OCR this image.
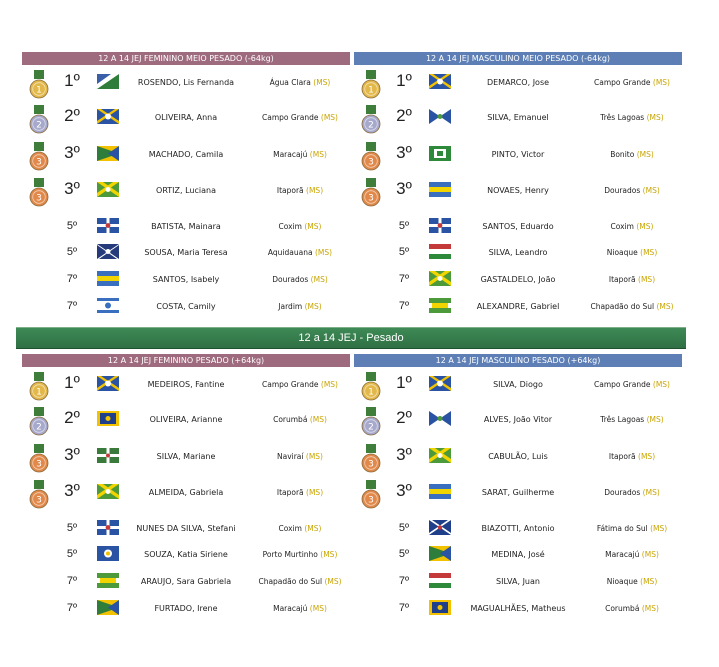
12 A 14 JEJ FEMININO MEIO PESADO (-64kg)
1
1º	ROSENDO, Lis Fernanda	Água Clara (MS)
2
2º	OLIVEIRA, Anna	Campo Grande (MS)
3
3º	MACHADO, Camila	Maracajú (MS)
3
3º	ORTIZ, Luciana	Itaporã (MS)
5º	BATISTA, Mainara	Coxim (MS)
5º	SOUSA, Maria Teresa	Aquidauana (MS)
7º	SANTOS, Isabely	Dourados (MS)
7º	COSTA, Camily	Jardim (MS)
12 A 14 JEJ MASCULINO MEIO PESADO (-64kg)
1
1º	DEMARCO, Jose	Campo Grande (MS)
2
2º	SILVA, Emanuel	Três Lagoas (MS)
3
3º	PINTO, Victor	Bonito (MS)
3
3º	NOVAES, Henry	Dourados (MS)
5º	SANTOS, Eduardo	Coxim (MS)
5º	SILVA, Leandro	Nioaque (MS)
7º	GASTALDELO, João	Itaporã (MS)
7º	ALEXANDRE, Gabriel	Chapadão do Sul (MS)
12 a 14 JEJ - Pesado
12 A 14 JEJ FEMININO PESADO (+64kg)
1
1º	MEDEIROS, Fantine	Campo Grande (MS)
2
2º	OLIVEIRA, Arianne	Corumbá (MS)
3
3º	SILVA, Mariane	Naviraí (MS)
3
3º	ALMEIDA, Gabriela	Itaporã (MS)
5º	NUNES DA SILVA, Stefani	Coxim (MS)
5º	SOUZA, Katia Siriene	Porto Murtinho (MS)
7º	ARAUJO, Sara Gabriela	Chapadão do Sul (MS)
7º	FURTADO, Irene	Maracajú (MS)
12 A 14 JEJ MASCULINO PESADO (+64kg)
1
1º	SILVA, Diogo	Campo Grande (MS)
2
2º	ALVES, João Vitor	Três Lagoas (MS)
3
3º	CABULÃO, Luis	Itaporã (MS)
3
3º	SARAT, Guilherme	Dourados (MS)
5º	BIAZOTTI, Antonio	Fátima do Sul (MS)
5º	MEDINA, José	Maracajú (MS)
7º	SILVA, Juan	Nioaque (MS)
7º	MAGUALHÃES, Matheus	Corumbá (MS)
